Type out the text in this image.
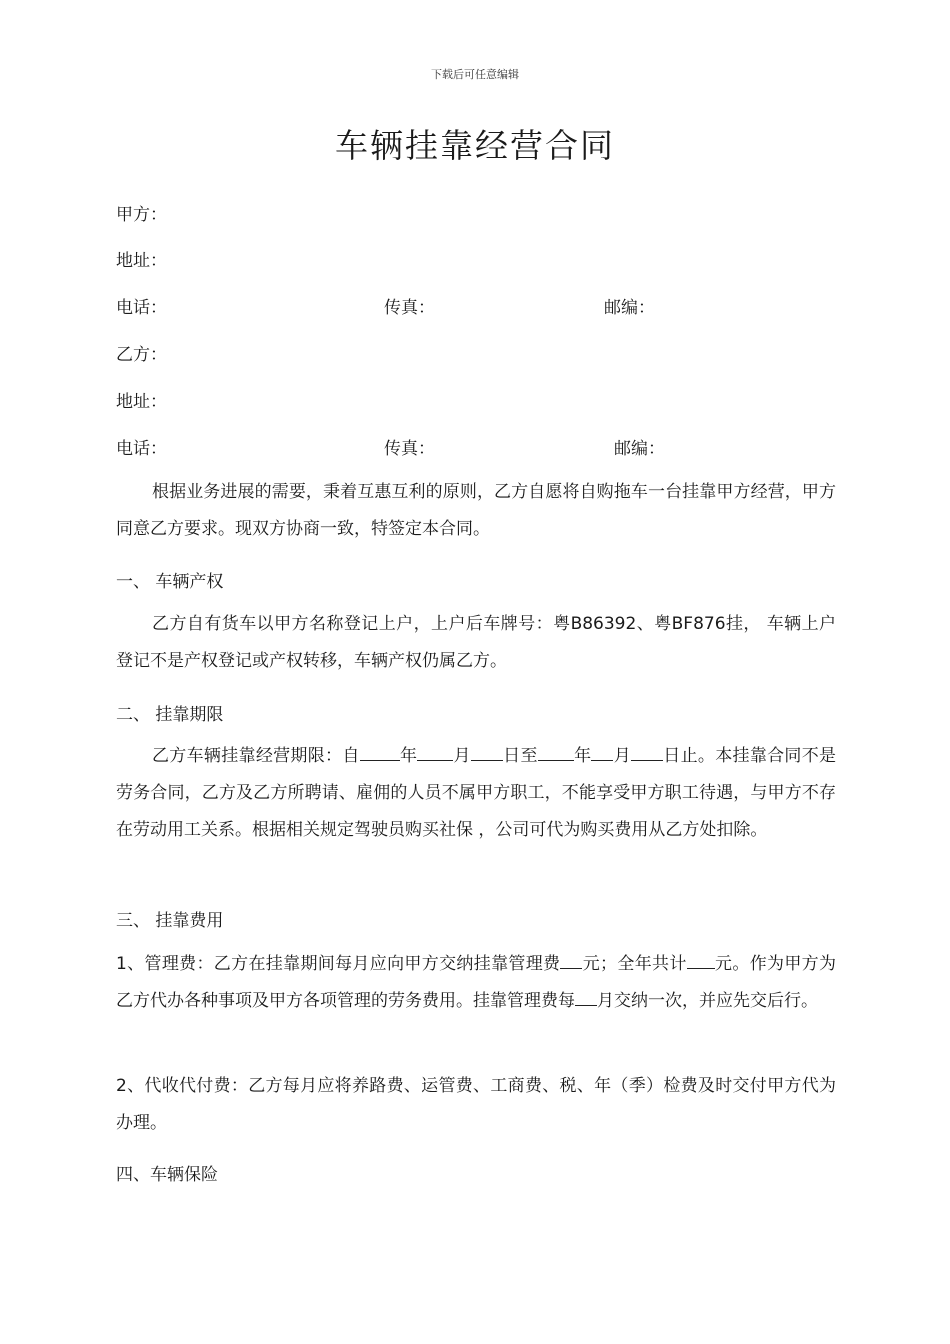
下载后可任意编辑
车辆挂靠经营合同
甲方：
地址：
电话：	传真：	邮编：
乙方：
地址：
电话：	传真：	邮编：

根据业务进展的需要，秉着互惠互利的原则，乙方自愿将自购拖车一台挂靠甲方经营，甲方同意乙方要求。现双方协商一致，特签定本合同。

一、 车辆产权

乙方自有货车以甲方名称登记上户，上户后车牌号：粤B86392、粤BF876挂， 车辆上户登记不是产权登记或产权转移，车辆产权仍属乙方。

二、 挂靠期限

乙方车辆挂靠经营期限：自 年 月 日至 年 月 日止。本挂靠合同不是劳务合同，乙方及乙方所聘请、雇佣的人员不属甲方职工，不能享受甲方职工待遇，与甲方不存在劳动用工关系。根据相关规定驾驶员购买社保 ，公司可代为购买费用从乙方处扣除。

三、 挂靠费用

1、管理费：乙方在挂靠期间每月应向甲方交纳挂靠管理费 元；全年共计 元。作为甲方为乙方代办各种事项及甲方各项管理的劳务费用。挂靠管理费每 月交纳一次，并应先交后行。

2、代收代付费：乙方每月应将养路费、运管费、工商费、税、年（季）检费及时交付甲方代为办理。

四、车辆保险
